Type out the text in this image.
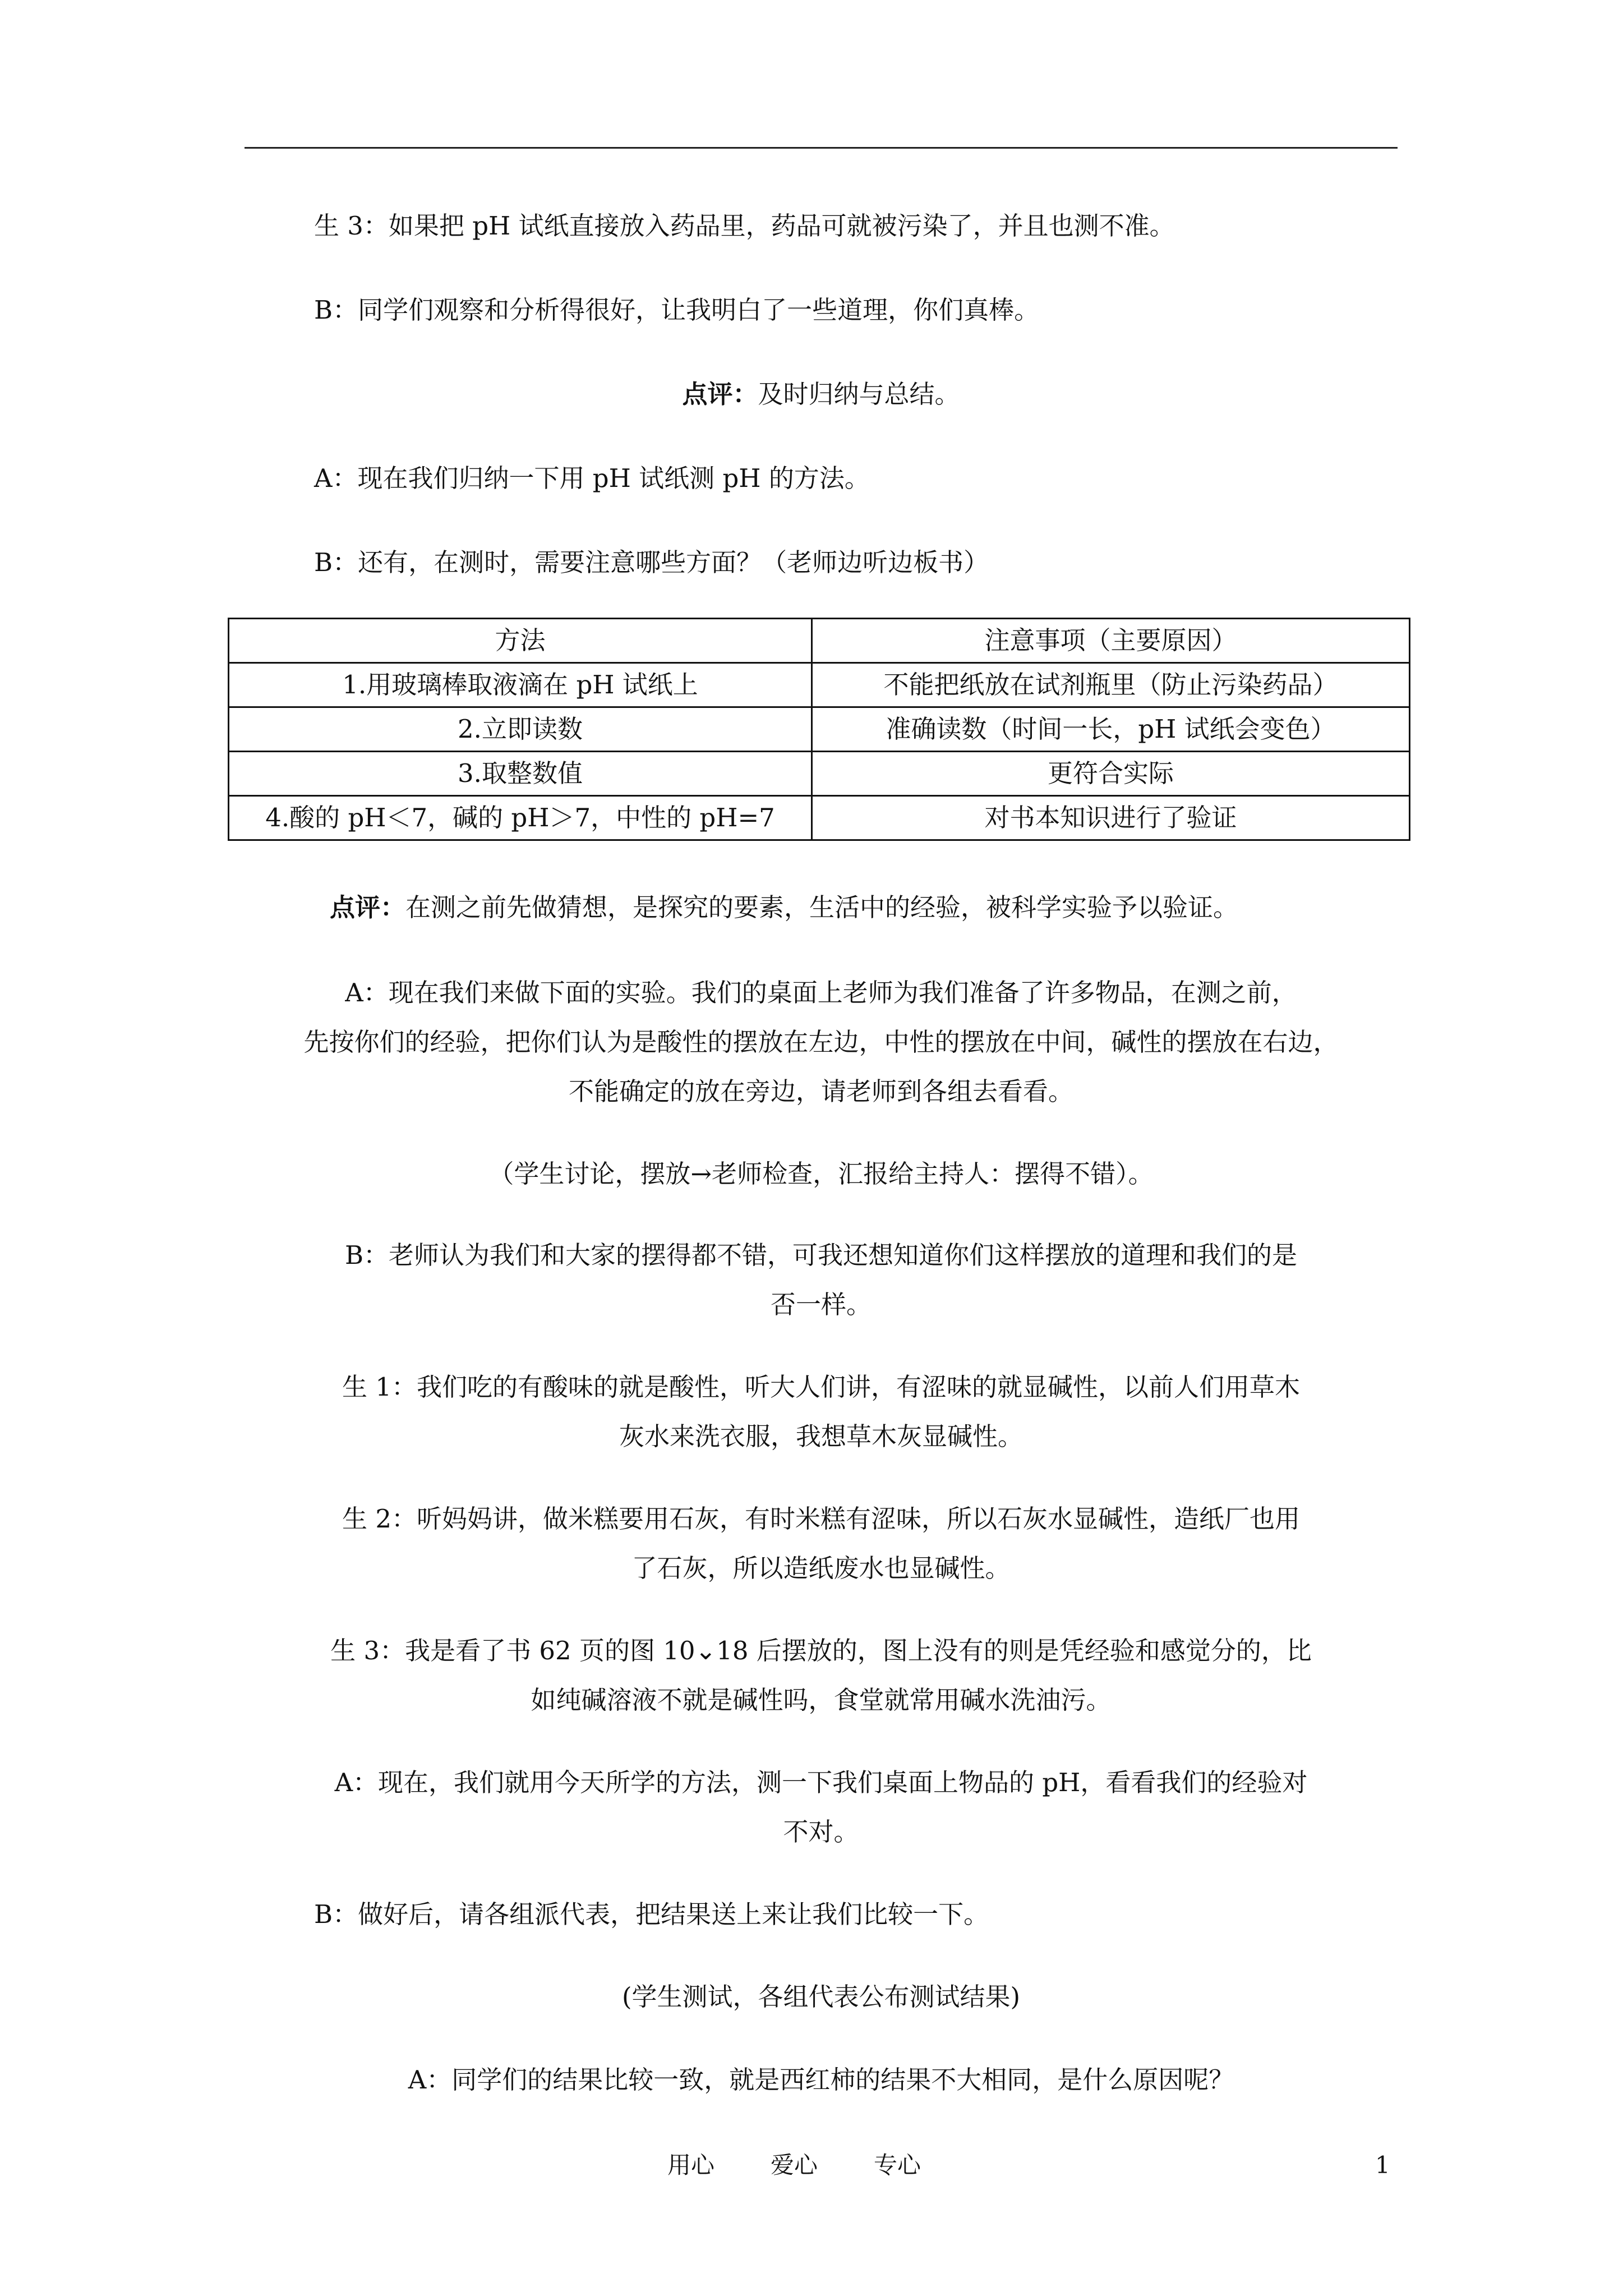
生 3：如果把 pH 试纸直接放入药品里，药品可就被污染了，并且也测不准。

B：同学们观察和分析得很好，让我明白了一些道理，你们真棒。

点评：及时归纳与总结。

A：现在我们归纳一下用 pH 试纸测 pH 的方法。

B：还有，在测时，需要注意哪些方面？（老师边听边板书）

方法	注意事项（主要原因）
1.用玻璃棒取液滴在 pH 试纸上	不能把纸放在试剂瓶里（防止污染药品）
2.立即读数	准确读数（时间一长，pH 试纸会变色）
3.取整数值	更符合实际
4.酸的 pH＜7，碱的 pH＞7，中性的 pH=7	对书本知识进行了验证

点评：在测之前先做猜想，是探究的要素，生活中的经验，被科学实验予以验证。

A：现在我们来做下面的实验。我们的桌面上老师为我们准备了许多物品，在测之前，

先按你们的经验，把你们认为是酸性的摆放在左边，中性的摆放在中间，碱性的摆放在右边，

不能确定的放在旁边，请老师到各组去看看。

（学生讨论，摆放→老师检查，汇报给主持人：摆得不错）。

B：老师认为我们和大家的摆得都不错，可我还想知道你们这样摆放的道理和我们的是

否一样。

生 1：我们吃的有酸味的就是酸性，听大人们讲，有涩味的就显碱性，以前人们用草木

灰水来洗衣服，我想草木灰显碱性。

生 2：听妈妈讲，做米糕要用石灰，有时米糕有涩味，所以石灰水显碱性，造纸厂也用

了石灰，所以造纸废水也显碱性。

生 3：我是看了书 62 页的图 10⌄18 后摆放的，图上没有的则是凭经验和感觉分的，比

如纯碱溶液不就是碱性吗，食堂就常用碱水洗油污。

A：现在，我们就用今天所学的方法，测一下我们桌面上物品的 pH，看看我们的经验对

不对。

B：做好后，请各组派代表，把结果送上来让我们比较一下。

(学生测试，各组代表公布测试结果)

A：同学们的结果比较一致，就是西红柿的结果不大相同，是什么原因呢？

用心 爱心 专心	1
